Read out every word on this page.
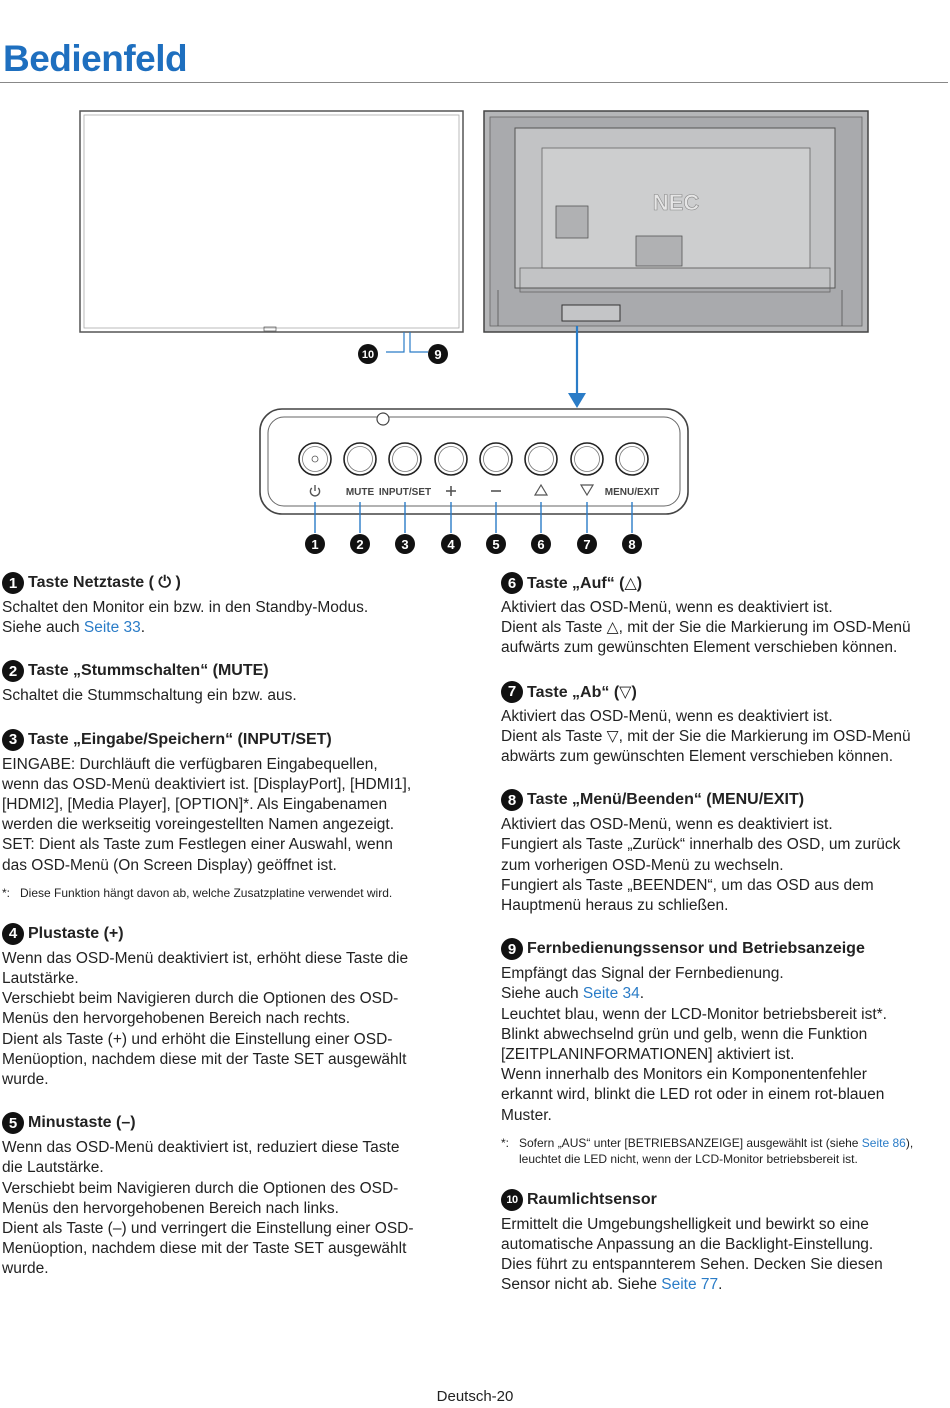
Bedienfeld
10	9
NEC
MUTE INPUT/SET	MENU/EXIT
1	2	3	4	5	6	7	8
1 Taste Netztaste ( ⏻ )

Schaltet den Monitor ein bzw. in den Standby-Modus.

Siehe auch Seite 33.

2 Taste „Stummschalten“ (MUTE)

Schaltet die Stummschaltung ein bzw. aus.

3 Taste „Eingabe/Speichern“ (INPUT/SET)

EINGABE: Durchläuft die verfügbaren Eingabequellen,

wenn das OSD-Menü deaktiviert ist. [DisplayPort], [HDMI1],

[HDMI2], [Media Player], [OPTION]*. Als Eingabenamen

werden die werkseitig voreingestellten Namen angezeigt.

SET: Dient als Taste zum Festlegen einer Auswahl, wenn

das OSD-Menü (On Screen Display) geöffnet ist.

*: Diese Funktion hängt davon ab, welche Zusatzplatine verwendet wird.
4 Plustaste (+)

Wenn das OSD-Menü deaktiviert ist, erhöht diese Taste die

Lautstärke.

Verschiebt beim Navigieren durch die Optionen des OSD-

Menüs den hervorgehobenen Bereich nach rechts.

Dient als Taste (+) und erhöht die Einstellung einer OSD-

Menüoption, nachdem diese mit der Taste SET ausgewählt

wurde.

5 Minustaste (–)

Wenn das OSD-Menü deaktiviert ist, reduziert diese Taste

die Lautstärke.

Verschiebt beim Navigieren durch die Optionen des OSD-

Menüs den hervorgehobenen Bereich nach links.

Dient als Taste (–) und verringert die Einstellung einer OSD-

Menüoption, nachdem diese mit der Taste SET ausgewählt

wurde.

6 Taste „Auf“ (△)

Aktiviert das OSD-Menü, wenn es deaktiviert ist.

Dient als Taste △, mit der Sie die Markierung im OSD-Menü

aufwärts zum gewünschten Element verschieben können.

7 Taste „Ab“ (▽)

Aktiviert das OSD-Menü, wenn es deaktiviert ist.

Dient als Taste ▽, mit der Sie die Markierung im OSD-Menü

abwärts zum gewünschten Element verschieben können.

8 Taste „Menü/Beenden“ (MENU/EXIT)

Aktiviert das OSD-Menü, wenn es deaktiviert ist.

Fungiert als Taste „Zurück“ innerhalb des OSD, um zurück

zum vorherigen OSD-Menü zu wechseln.

Fungiert als Taste „BEENDEN“, um das OSD aus dem

Hauptmenü heraus zu schließen.

9 Fernbedienungssensor und Betriebsanzeige

Empfängt das Signal der Fernbedienung.

Siehe auch Seite 34.

Leuchtet blau, wenn der LCD-Monitor betriebsbereit ist*.

Blinkt abwechselnd grün und gelb, wenn die Funktion

[ZEITPLANINFORMATIONEN] aktiviert ist.

Wenn innerhalb des Monitors ein Komponentenfehler

erkannt wird, blinkt die LED rot oder in einem rot-blauen

Muster.

*: Sofern „AUS“ unter [BETRIEBSANZEIGE] ausgewählt ist (siehe Seite 86), leuchtet die LED nicht, wenn der LCD-Monitor betriebsbereit ist.
10 Raumlichtsensor

Ermittelt die Umgebungshelligkeit und bewirkt so eine

automatische Anpassung an die Backlight-Einstellung.

Dies führt zu entspannterem Sehen. Decken Sie diesen

Sensor nicht ab. Siehe Seite 77.

Deutsch-20
